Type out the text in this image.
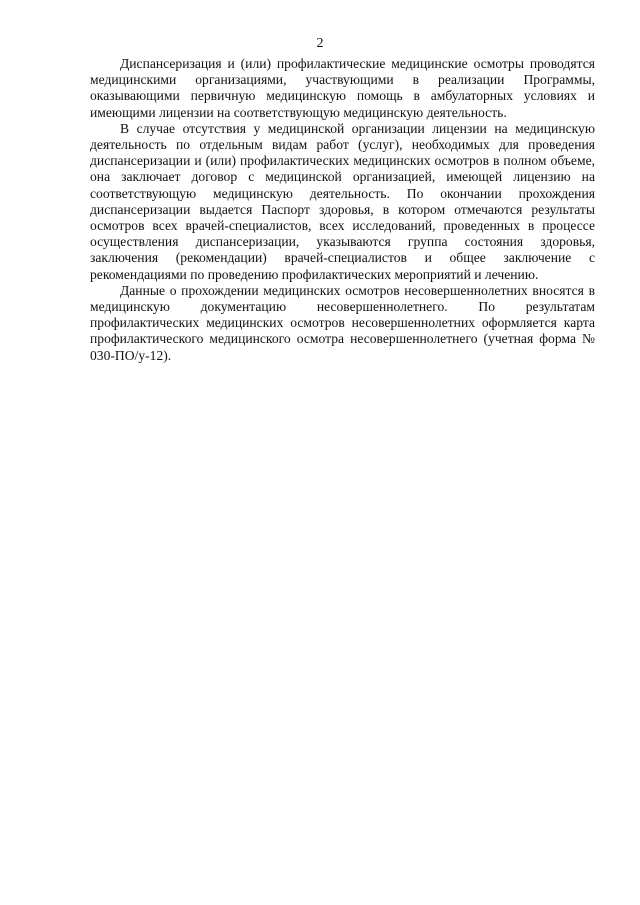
2

Диспансеризация и (или) профилактические медицинские осмотры проводятся медицинскими организациями, участвующими в реализации Программы, оказывающими первичную медицинскую помощь в амбулаторных условиях и имеющими лицензии на соответствующую медицинскую деятельность.

В случае отсутствия у медицинской организации лицензии на медицинскую деятельность по отдельным видам работ (услуг), необходимых для проведения диспансеризации и (или) профилактических медицинских осмотров в полном объеме, она заключает договор с медицинской организацией, имеющей лицензию на соответствующую медицинскую деятельность. По окончании прохождения диспансеризации выдается Паспорт здоровья, в котором отмечаются результаты осмотров всех врачей-специалистов, всех исследований, проведенных в процессе осуществления диспансеризации, указываются группа состояния здоровья, заключения (рекомендации) врачей-специалистов и общее заключение с рекомендациями по проведению профилактических мероприятий и лечению.

Данные о прохождении медицинских осмотров несовершеннолетних вносятся в медицинскую документацию несовершеннолетнего. По результатам профилактических медицинских осмотров несовершеннолетних оформляется карта профилактического медицинского осмотра несовершеннолетнего (учетная форма № 030-ПО/у-12).
